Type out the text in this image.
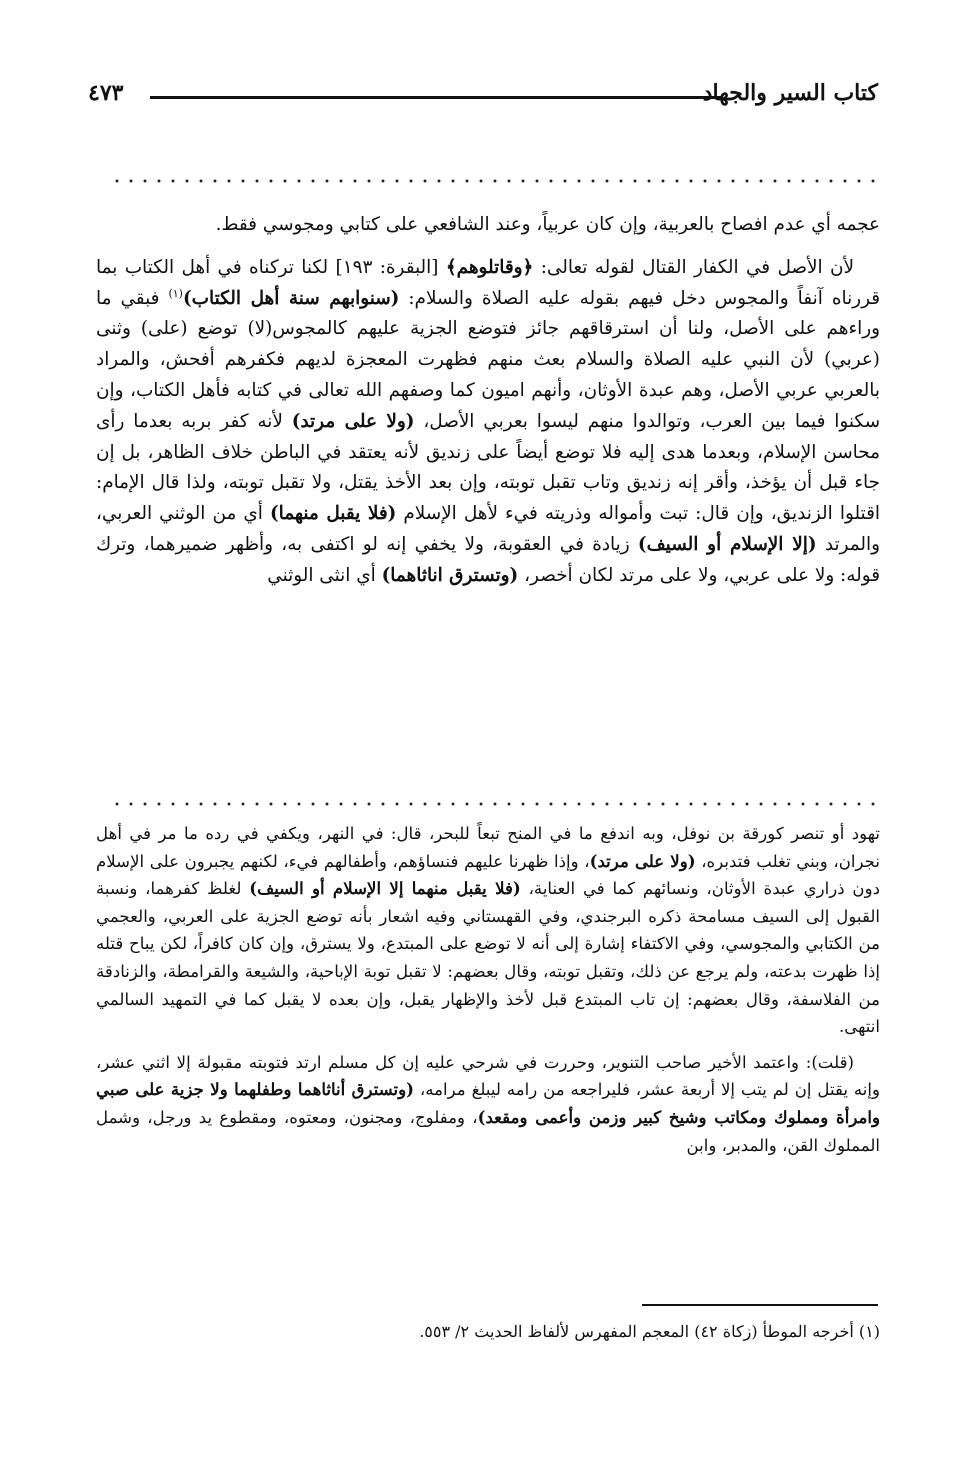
٤٧٣	كتاب السير والجهاد

عجمه أي عدم افصاح بالعربية، وإن كان عربياً، وعند الشافعي على كتابي ومجوسي فقط.

لأن الأصل في الكفار القتال لقوله تعالى: ﴿وقاتلوهم﴾ [البقرة: ١٩٣] لكنا تركناه في أهل الكتاب بما قررناه آنفاً والمجوس دخل فيهم بقوله عليه الصلاة والسلام: (سنوابهم سنة أهل الكتاب)$^{(١)}$ فبقي ما وراءهم على الأصل، ولنا أن استرقاقهم جائز فتوضع الجزية عليهم كالمجوس(لا) توضع (على) وثنى (عربي) لأن النبي عليه الصلاة والسلام بعث منهم فظهرت المعجزة لديهم فكفرهم أفحش، والمراد بالعربي عربي الأصل، وهم عبدة الأوثان، وأنهم اميون كما وصفهم الله تعالى في كتابه فأهل الكتاب، وإن سكنوا فيما بين العرب، وتوالدوا منهم ليسوا بعربي الأصل، (ولا على مرتد) لأنه كفر بربه بعدما رأى محاسن الإسلام، وبعدما هدى إليه فلا توضع أيضاً على زنديق لأنه يعتقد في الباطن خلاف الظاهر، بل إن جاء قبل أن يؤخذ، وأقر إنه زنديق وتاب تقبل توبته، وإن بعد الأخذ يقتل، ولا تقبل توبته، ولذا قال الإمام: اقتلوا الزنديق، وإن قال: تبت وأمواله وذريته فيء لأهل الإسلام (فلا يقبل منهما) أي من الوثني العربي، والمرتد (إلا الإسلام أو السيف) زيادة في العقوبة، ولا يخفي إنه لو اكتفى به، وأظهر ضميرهما، وترك قوله: ولا على عربي، ولا على مرتد لكان أخصر، (وتسترق اناثاهما) أي انثى الوثني

تهود أو تنصر كورقة بن نوفل، وبه اندفع ما في المنح تبعاً للبحر، قال: في النهر، ويكفي في رده ما مر في أهل نجران، وبني تغلب فتدبره، (ولا على مرتد)، وإذا ظهرنا عليهم فنساؤهم، وأطفالهم فيء، لكنهم يجبرون على الإسلام دون ذراري عبدة الأوثان، ونسائهم كما في العناية، (فلا يقبل منهما إلا الإسلام أو السيف) لغلظ كفرهما، ونسبة القبول إلى السيف مسامحة ذكره البرجندي، وفي القهستاني وفيه اشعار بأنه توضع الجزية على العربي، والعجمي من الكتابي والمجوسي، وفي الاكتفاء إشارة إلى أنه لا توضع على المبتدع، ولا يسترق، وإن كان كافراً، لكن يباح قتله إذا ظهرت بدعته، ولم يرجع عن ذلك، وتقبل توبته، وقال بعضهم: لا تقبل توبة الإباحية، والشيعة والقرامطة، والزنادقة من الفلاسفة، وقال بعضهم: إن تاب المبتدع قبل لأخذ والإظهار يقبل، وإن بعده لا يقبل كما في التمهيد السالمي انتهى.

(قلت): واعتمد الأخير صاحب التنوير، وحررت في شرحي عليه إن كل مسلم ارتد فتوبته مقبولة إلا اثني عشر، وإنه يقتل إن لم يتب إلا أربعة عشر، فليراجعه من رامه ليبلغ مرامه، (وتسترق أناثاهما وطفلهما ولا جزية على صبي وامرأة ومملوك ومكاتب وشيخ كبير وزمن وأعمى ومقعد)، ومفلوج، ومجنون، ومعتوه، ومقطوع يد ورجل، وشمل المملوك القن، والمدبر، وابن

(١) أخرجه الموطأ (زكاة ٤٢) المعجم المفهرس لألفاظ الحديث ٢/ ٥٥٣.
